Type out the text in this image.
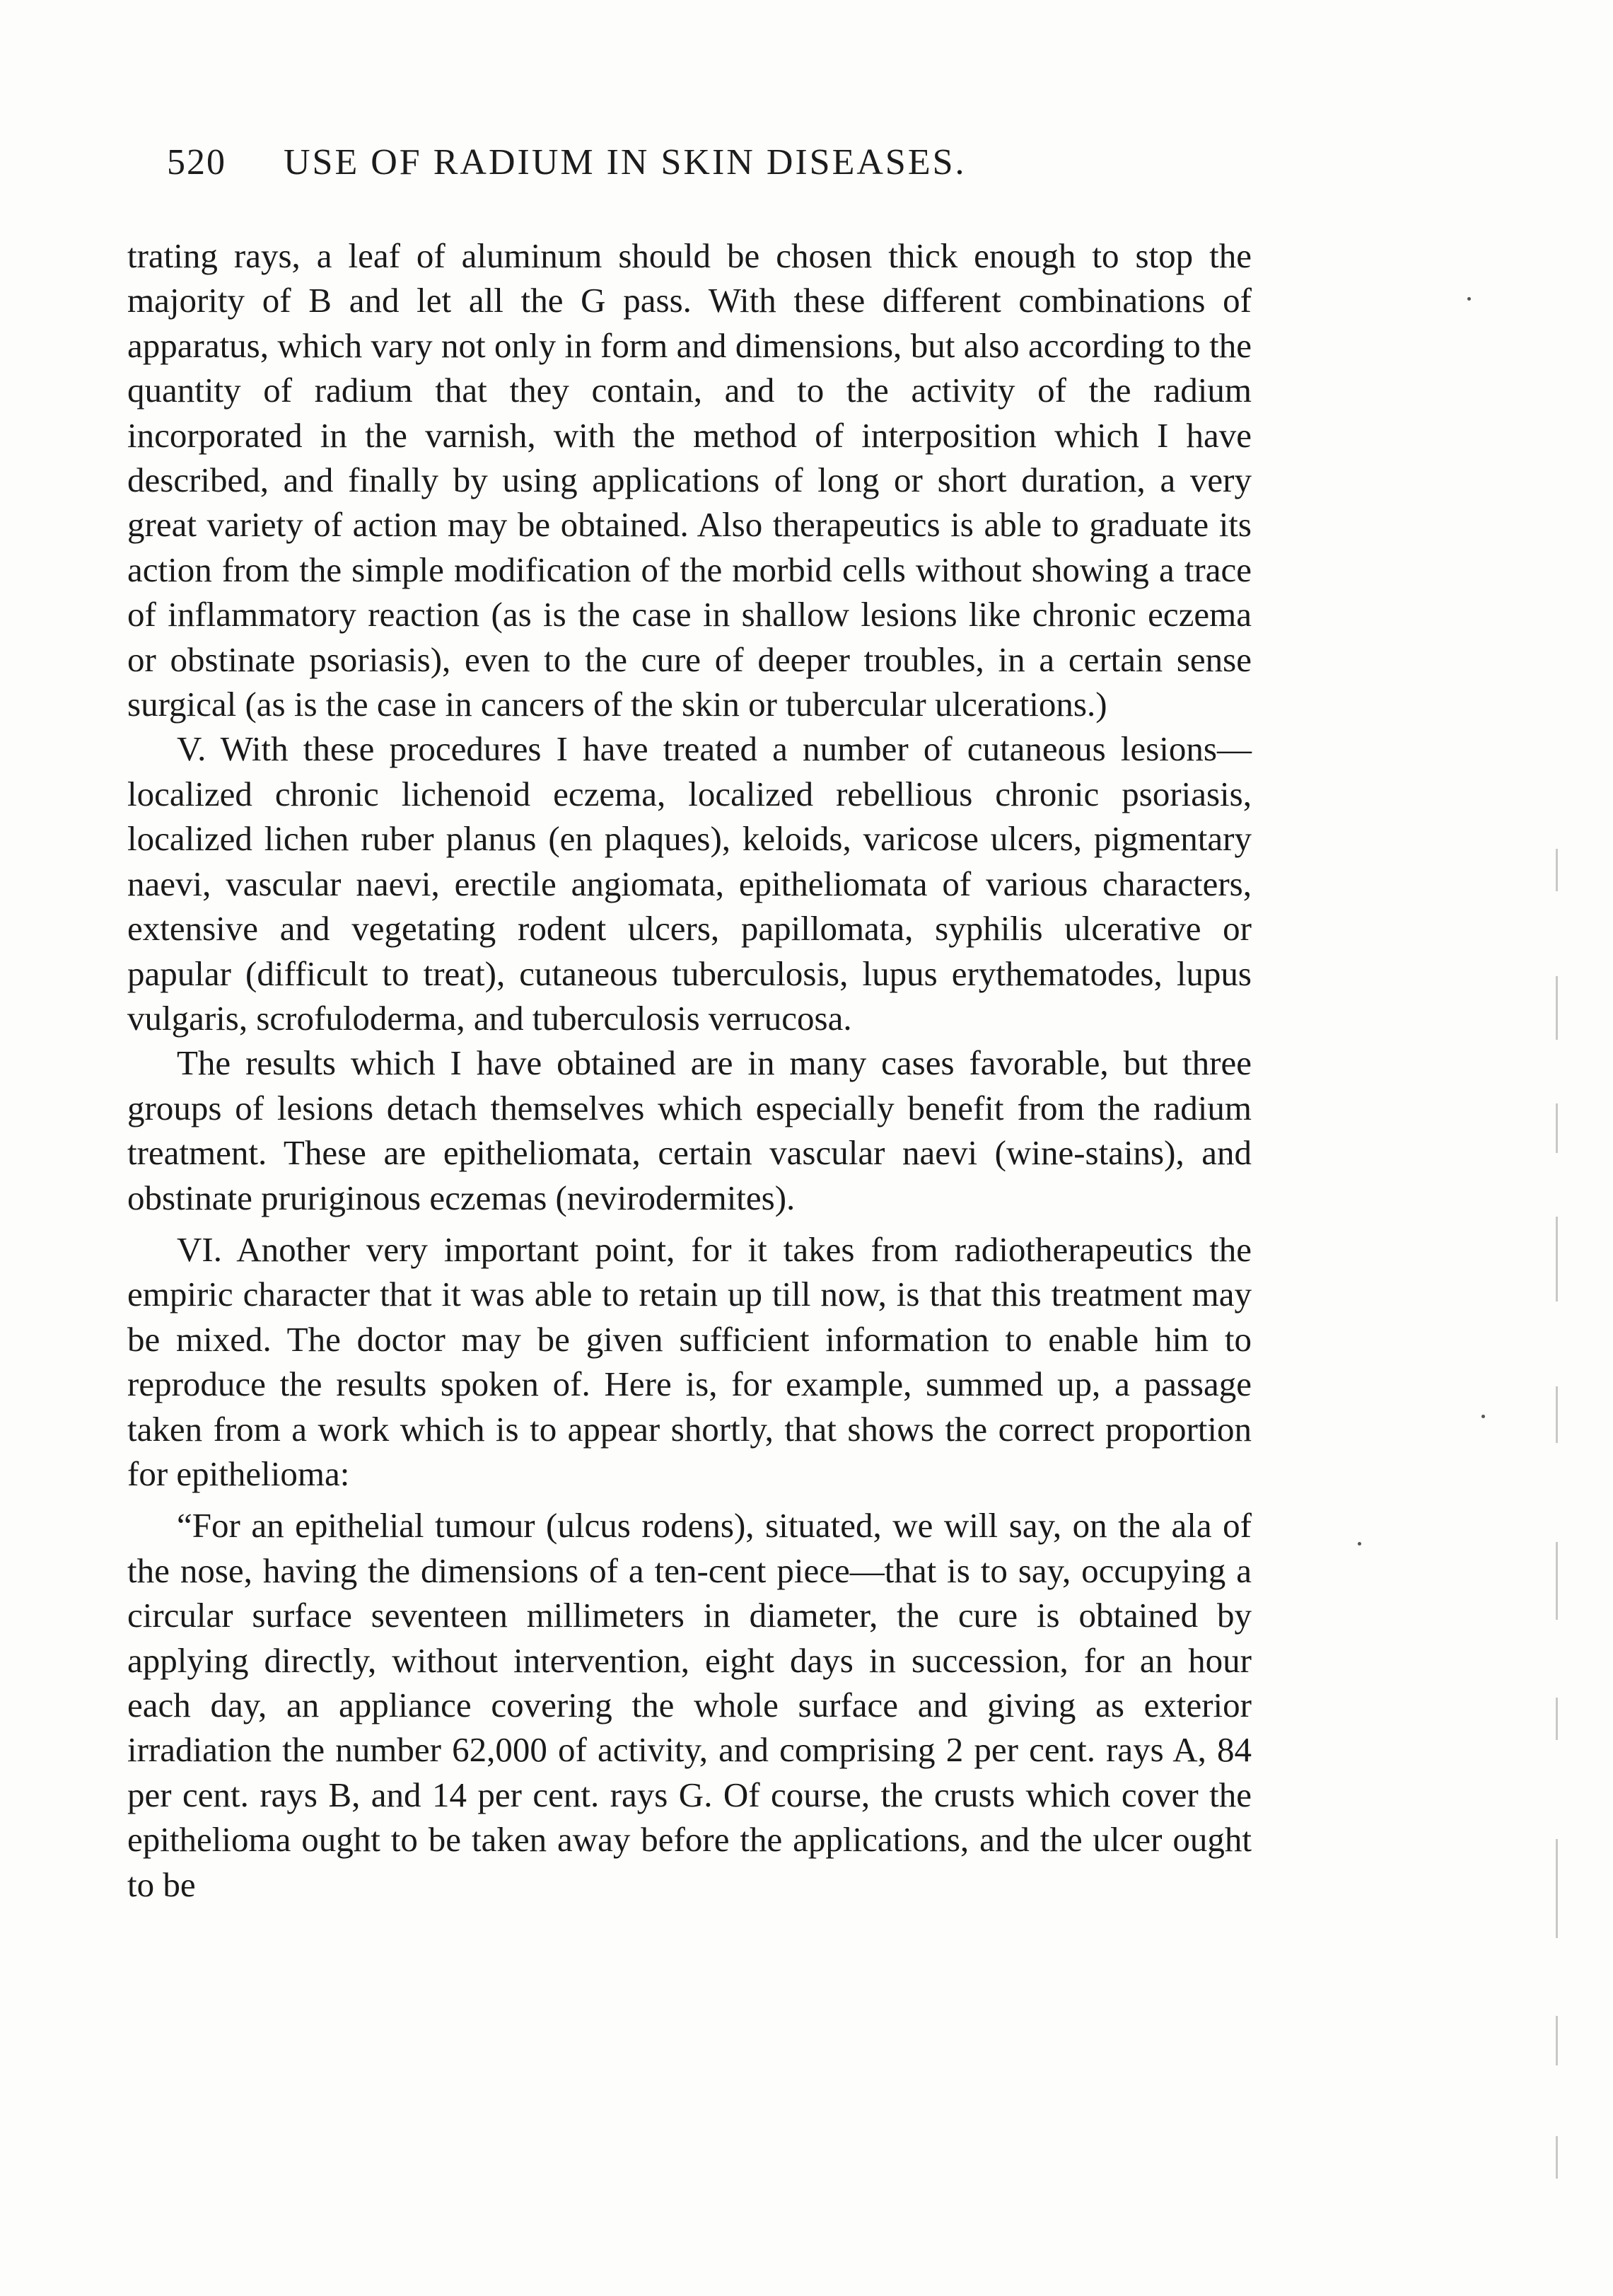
520 USE OF RADIUM IN SKIN DISEASES.

trating rays, a leaf of aluminum should be chosen thick enough to stop the majority of B and let all the G pass. With these different combinations of apparatus, which vary not only in form and dimensions, but also according to the quantity of radium that they contain, and to the activity of the radium incorporated in the varnish, with the method of interposition which I have described, and finally by using applications of long or short duration, a very great variety of action may be obtained. Also therapeutics is able to graduate its action from the simple modification of the morbid cells without showing a trace of inflammatory reaction (as is the case in shallow lesions like chronic eczema or obstinate psoriasis), even to the cure of deeper troubles, in a certain sense surgical (as is the case in cancers of the skin or tubercular ulcerations.)

V. With these procedures I have treated a number of cutaneous lesions—localized chronic lichenoid eczema, localized rebellious chronic psoriasis, localized lichen ruber planus (en plaques), keloids, varicose ulcers, pigmentary naevi, vascular naevi, erectile angiomata, epitheliomata of various characters, extensive and vegetating rodent ulcers, papillomata, syphilis ulcerative or papular (difficult to treat), cutaneous tuberculosis, lupus erythematodes, lupus vulgaris, scrofuloderma, and tuberculosis verrucosa.

The results which I have obtained are in many cases favorable, but three groups of lesions detach themselves which especially benefit from the radium treatment. These are epitheliomata, certain vascular naevi (wine-stains), and obstinate pruriginous eczemas (nevirodermites).

VI. Another very important point, for it takes from radiotherapeutics the empiric character that it was able to retain up till now, is that this treatment may be mixed. The doctor may be given sufficient information to enable him to reproduce the results spoken of. Here is, for example, summed up, a passage taken from a work which is to appear shortly, that shows the correct proportion for epithelioma:

“For an epithelial tumour (ulcus rodens), situated, we will say, on the ala of the nose, having the dimensions of a ten-cent piece—that is to say, occupying a circular surface seventeen millimeters in diameter, the cure is obtained by applying directly, without intervention, eight days in succession, for an hour each day, an appliance covering the whole surface and giving as exterior irradiation the number 62,000 of activity, and comprising 2 per cent. rays A, 84 per cent. rays B, and 14 per cent. rays G. Of course, the crusts which cover the epithelioma ought to be taken away before the applications, and the ulcer ought to be
